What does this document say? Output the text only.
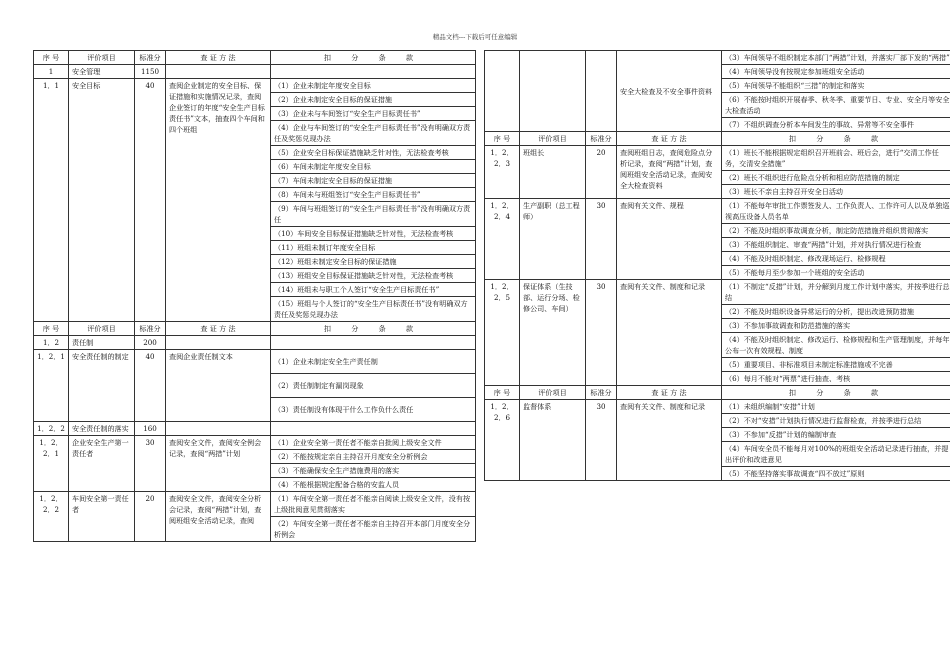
精品文档---下载后可任意编辑
序 号	评价项目	标准分	查 证 方 法	扣 分 条 款
1	安全管理	1150		
1．1	安全目标	40	查阅企业制定的安全目标、保证措施和实施情况记录，查阅企业签订的年度“安全生产目标责任书”文本，抽查四个车间和四个班组	（1）企业未制定年度安全目标
				（2）企业未制定安全目标的保证措施
				（3）企业未与车间签订“安全生产目标责任书”
				（4）企业与车间签订的“安全生产目标责任书”没有明确双方责任及奖惩兑现办法
				（5）企业安全目标保证措施缺乏针对性，无法检查考核
				（6）车间未制定年度安全目标
				（7）车间未制定安全目标的保证措施
				（8）车间未与班组签订“安全生产目标责任书”
				（9）车间与班组签订的“安全生产目标责任书”没有明确双方责任
				（10）车间安全目标保证措施缺乏针对性，无法检查考核
				（11）班组未制订年度安全目标
				（12）班组未制定安全目标的保证措施
				（13）班组安全目标保证措施缺乏针对性，无法检查考核
				（14）班组未与职工个人签订“安全生产目标责任书”
				（15）班组与个人签订的“安全生产目标责任书”没有明确双方责任及奖惩兑现办法
序 号	评价项目	标准分	查 证 方 法	扣 分 条 款
1．2	责任制	200		
1．2．1	安全责任制的制定	40	查阅企业责任制文本	（1）企业未制定安全生产责任制
				（2）责任制制定有漏岗现象
				（3）责任制没有体现干什么工作负什么责任
1．2．2	安全责任制的落实	160		
1．2．2．1	企业安全生产第一责任者	30	查阅安全文件，查阅安全例会记录，查阅“两措”计划	（1）企业安全第一责任者不能亲自批阅上级安全文件
				（2）不能按规定亲自主持召开月度安全分析例会
				（3）不能确保安全生产措施费用的落实
				（4）不能根据规定配备合格的安监人员
1．2．2．2	车间安全第一责任者	20	查阅安全文件，查阅安全分析会记录，查阅“两措”计划，查阅班组安全活动记录，查阅	（1）车间安全第一责任者不能亲自阅读上级安全文件，没有按上级批阅意见贯彻落实
				（2）车间安全第一责任者不能亲自主持召开本部门月度安全分析例会
			安全大检查及不安全事件资料	（3）车间领导不组织制定本部门“两措”计划，并落实厂部下发的“两措”
				（4）车间领导没有按规定参加班组安全活动
				（5）车间领导不能组织“三措”的制定和落实
				（6）不能按时组织开展春季、秋冬季、重要节日、专业、安全月等安全大检查活动
				（7）不组织调查分析本车间发生的事故、异常等不安全事件
序 号	评价项目	标准分	查 证 方 法	扣 分 条 款
1．2．2．3	班组长	20	查阅班组日志，查阅危险点分析记录，查阅“两措”计划，查阅班组安全活动记录，查阅安全大检查资料	（1）班长不能根据规定组织召开班前会、班后会，进行“交清工作任务，交清安全措施”
				（2）班长不组织进行危险点分析和相应防范措施的制定
				（3）班长不亲自主持召开安全日活动
1．2．2．4	生产副职（总工程师）	30	查阅有关文件、规程	（1）不能每年审批工作票签发人、工作负责人、工作许可人以及单独巡视高压设备人员名单
				（2）不能及时组织事故调查分析，制定防范措施并组织贯彻落实
				（3）不能组织制定、审查“两措”计划，并对执行情况进行检查
				（4）不能及时组织制定、修改现场运行、检修规程
				（5）不能每月至少参加一个班组的安全活动
1．2．2．5	保证体系（生技部、运行分场、检修公司、车间）	30	查阅有关文件、制度和记录	（1）不制定“反措”计划，并分解到月度工作计划中落实，并按季进行总结
				（2）不能及时组织设备异常运行的分析，提出改进预防措施
				（3）不参加事故调查和防范措施的落实
				（4）不能及时组织制定、修改运行、检修规程和生产管理制度，并每年公布一次有效规程、制度
				（5）重要项目、非标准项目未制定标准措施或不完善
				（6）每月不能对“两票”进行抽查、考核
序 号	评价项目	标准分	查 证 方 法	扣 分 条 款
1．2．2．6	监督体系	30	查阅有关文件、制度和记录	（1）未组织编制“安措”计划
				（2）不对“安措”计划执行情况进行监督检查，并按季进行总结
				（3）不参加“反措”计划的编制审查
				（4）车间安全员不能每月对100%的班组安全活动记录进行抽查，并提出评价和改进意见
				（5）不能坚持落实事故调查“四不放过”原则
